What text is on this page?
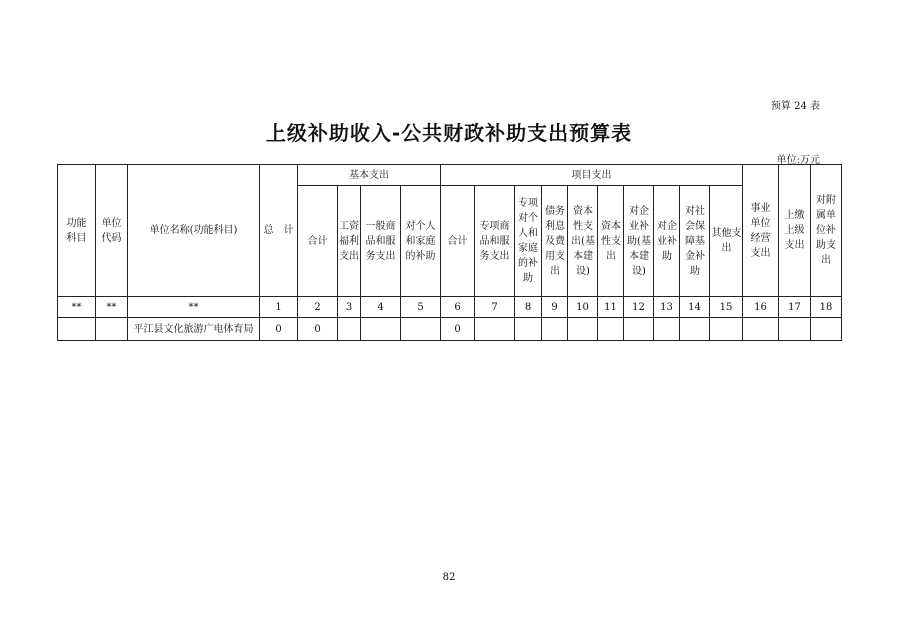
预算 24 表
上级补助收入-公共财政补助支出预算表
单位:万元
功能科目	单位代码	单位名称(功能科目)	总　计	基本支出				项目支出										事业单位经营支出	上缴上级支出	对附属单位补助支出
				合计	工资福利支出	一般商品和服务支出	对个人和家庭的补助	合计	专项商品和服务支出	专项对个人和家庭的补助	债务利息及费用支出	资本性支出(基本建设)	资本性支出	对企业补助(基本建设)	对企业补助	对社会保障基金补助	其他支出			
**	**	**	1	2	3	4	5	6	7	8	9	10	11	12	13	14	15	16	17	18
		平江县文化旅游广电体育局	0	0				0												
82
